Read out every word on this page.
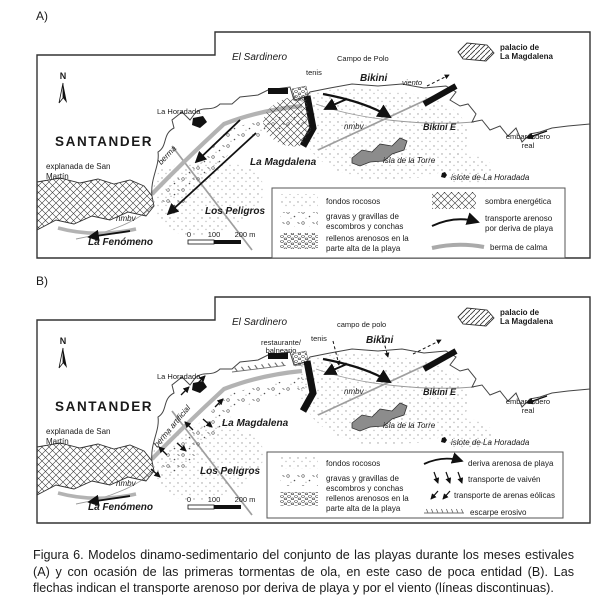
A)
N
El Sardinero	Campo de Polo
tenis
Bikini viento
palacio de
La Magdalena
La Horadada
SANTANDER
explanada de San
Martín
berma	La Magdalena
nmbv
nmbv	Bikini E
embarcadero
real
isla de la Torre
islote de La Horadada
Los Peligros
La Fenómeno
0 100 200 m
fondos rocosos
gravas y gravillas de
escombros y conchas
rellenos arenosos en la
parte alta de la playa
sombra energética
transporte arenoso
por deriva de playa
berma de calma
B)
N
El Sardinero	campo de polo
restaurante/
balneario
tenis	Bikini
palacio de
La Magdalena
La Horadada
SANTANDER
explanada de San
Martín	berma artificial	La Magdalena
nmbv
nmbv	Bikini E
embarcadero
real
isla de la Torre
islote de La Horadada
Los Peligros
La Fenómeno
0 100 200 m
fondos rocosos
gravas y gravillas de
escombros y conchas
rellenos arenosos en la
parte alta de la playa
deriva arenosa de playa
transporte de vaivén
transporte de arenas eólicas
escarpe erosivo
Figura 6. Modelos dinamo-sedimentario del conjunto de las playas durante los meses estivales (A) y con ocasión de las primeras tormentas de ola, en este caso de poca entidad (B). Las flechas indican el transporte arenoso por deriva de playa y por el viento (líneas discontinuas).
